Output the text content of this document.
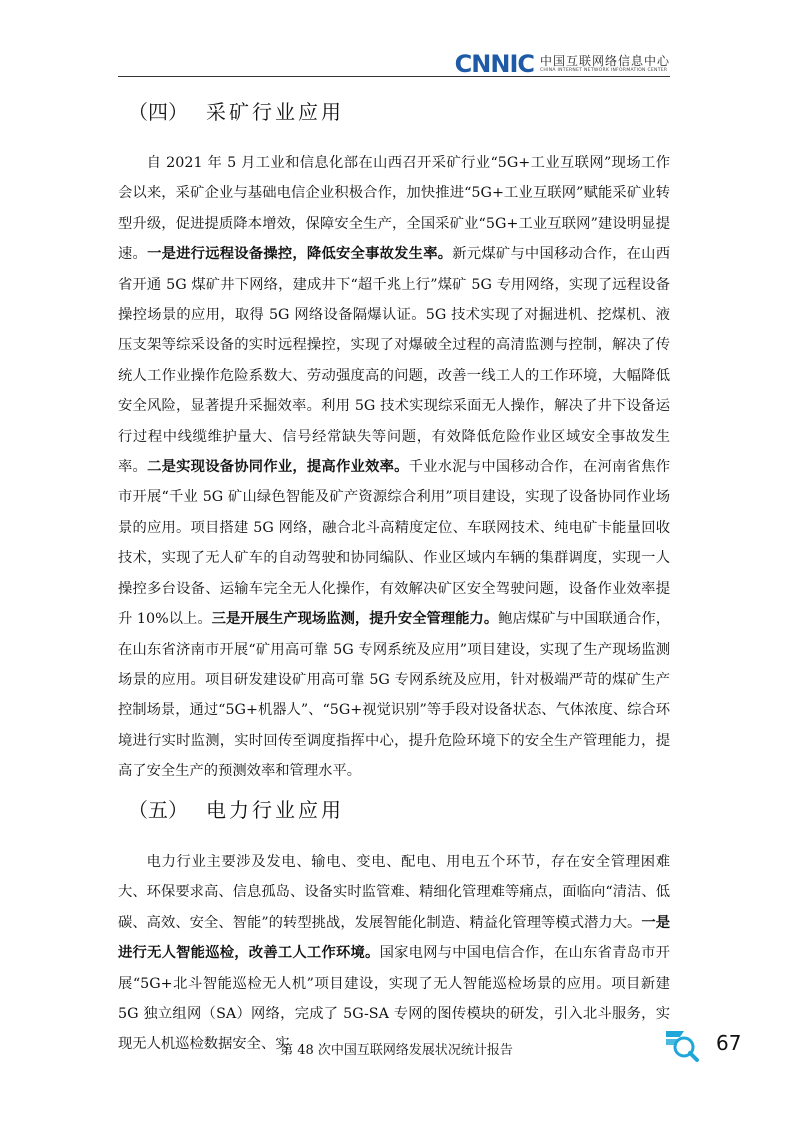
CNNIC 中国互联网络信息中心
CHINA INTERNET NETWORK INFORMATION CENTER
（四） 采矿行业应用

自 2021 年 5 月工业和信息化部在山西召开采矿行业“5G+工业互联网”现场工作会以来，采矿企业与基础电信企业积极合作，加快推进“5G+工业互联网”赋能采矿业转型升级，促进提质降本增效，保障安全生产，全国采矿业“5G+工业互联网”建设明显提速。一是进行远程设备操控，降低安全事故发生率。新元煤矿与中国移动合作，在山西省开通 5G 煤矿井下网络，建成井下“超千兆上行”煤矿 5G 专用网络，实现了远程设备操控场景的应用，取得 5G 网络设备隔爆认证。5G 技术实现了对掘进机、挖煤机、液压支架等综采设备的实时远程操控，实现了对爆破全过程的高清监测与控制，解决了传统人工作业操作危险系数大、劳动强度高的问题，改善一线工人的工作环境，大幅降低安全风险，显著提升采掘效率。利用 5G 技术实现综采面无人操作，解决了井下设备运行过程中线缆维护量大、信号经常缺失等问题，有效降低危险作业区域安全事故发生率。二是实现设备协同作业，提高作业效率。千业水泥与中国移动合作，在河南省焦作市开展“千业 5G 矿山绿色智能及矿产资源综合利用”项目建设，实现了设备协同作业场景的应用。项目搭建 5G 网络，融合北斗高精度定位、车联网技术、纯电矿卡能量回收技术，实现了无人矿车的自动驾驶和协同编队、作业区域内车辆的集群调度，实现一人操控多台设备、运输车完全无人化操作，有效解决矿区安全驾驶问题，设备作业效率提升 10%以上。三是开展生产现场监测，提升安全管理能力。鲍店煤矿与中国联通合作，在山东省济南市开展“矿用高可靠 5G 专网系统及应用”项目建设，实现了生产现场监测场景的应用。项目研发建设矿用高可靠 5G 专网系统及应用，针对极端严苛的煤矿生产控制场景，通过“5G+机器人”、“5G+视觉识别”等手段对设备状态、气体浓度、综合环境进行实时监测，实时回传至调度指挥中心，提升危险环境下的安全生产管理能力，提高了安全生产的预测效率和管理水平。

（五） 电力行业应用

电力行业主要涉及发电、输电、变电、配电、用电五个环节，存在安全管理困难大、环保要求高、信息孤岛、设备实时监管难、精细化管理难等痛点，面临向“清洁、低碳、高效、安全、智能”的转型挑战，发展智能化制造、精益化管理等模式潜力大。一是进行无人智能巡检，改善工人工作环境。国家电网与中国电信合作，在山东省青岛市开展“5G+北斗智能巡检无人机”项目建设，实现了无人智能巡检场景的应用。项目新建 5G 独立组网（SA）网络，完成了 5G-SA 专网的图传模块的研发，引入北斗服务，实现无人机巡检数据安全、实

第 48 次中国互联网络发展状况统计报告	67
